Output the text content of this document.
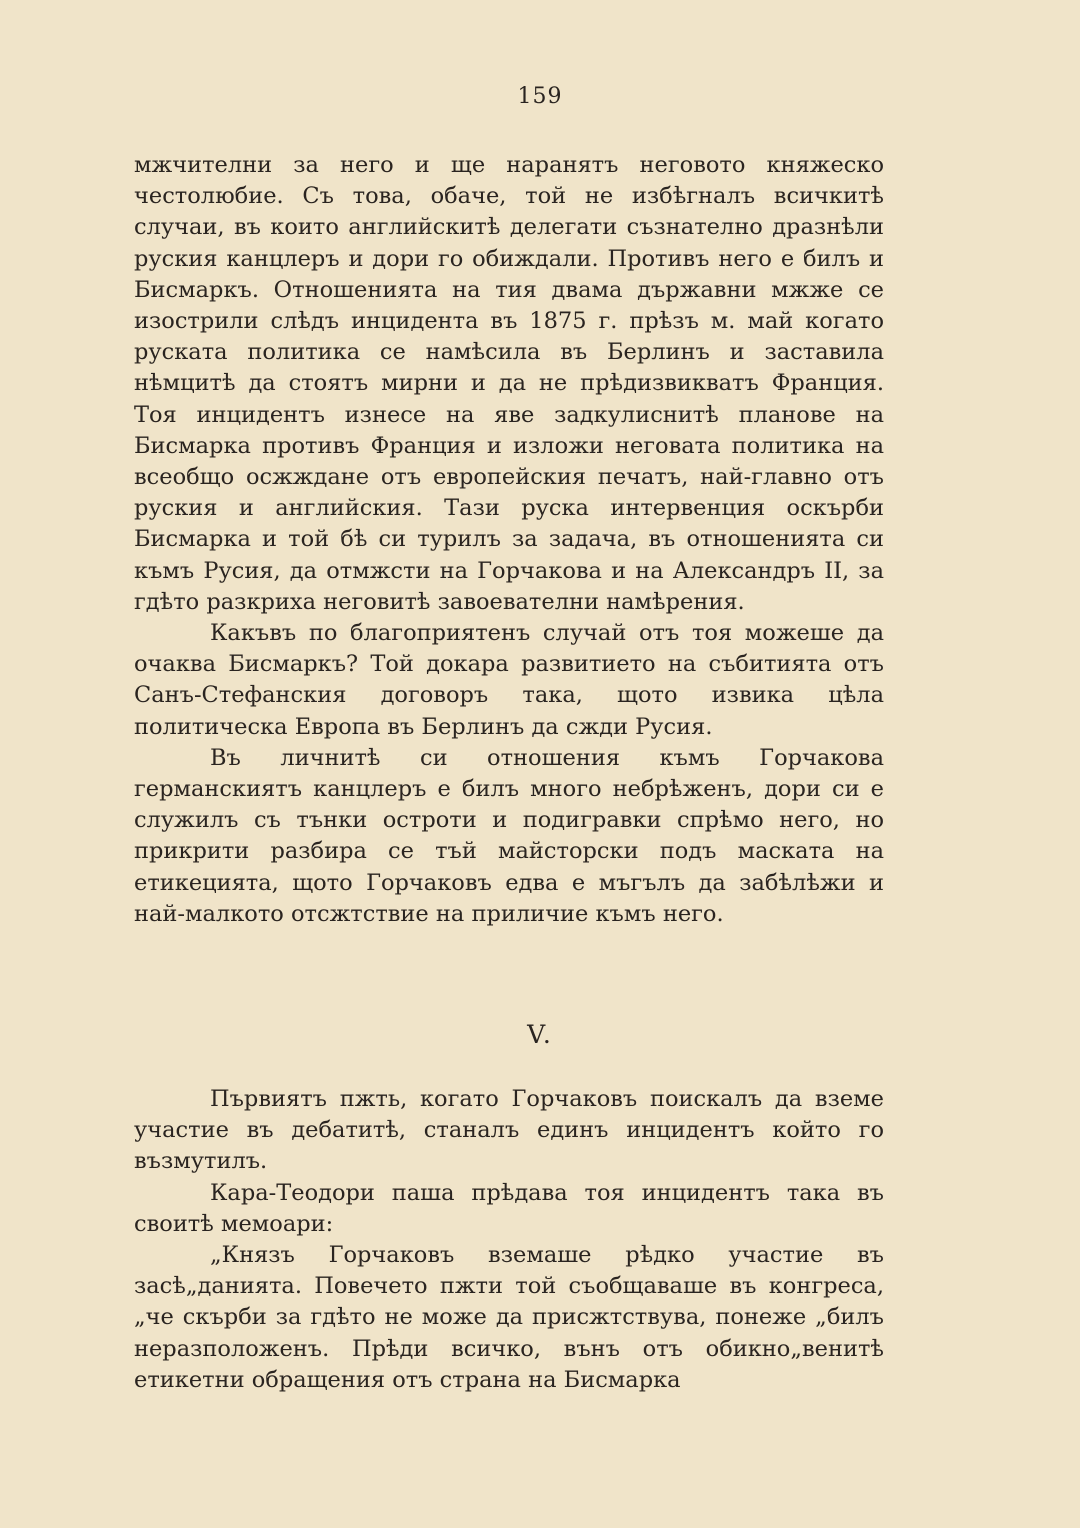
159

мжчителни за него и ще наранятъ неговото княжеско честолюбие. Съ това, обаче, той не избѣгналъ всичкитѣ случаи, въ които английскитѣ делегати съзнателно дразнѣли руския канцлеръ и дори го обиждали. Противъ него е билъ и Бисмаркъ. Отношенията на тия двама държавни мжже се изострили слѣдъ инцидента въ 1875 г. прѣзъ м. май когато руската политика се намѣсила въ Берлинъ и заставила нѣмцитѣ да стоятъ мирни и да не прѣдизвикватъ Франция. Тоя инцидентъ изнесе на яве задкулиснитѣ планове на Бисмарка противъ Франция и изложи неговата политика на всеобщо осжждане отъ европейския печатъ, най-главно отъ руския и английския. Тази руска интервенция оскърби Бисмарка и той бѣ си турилъ за задача, въ отношенията си къмъ Русия, да отмжсти на Горчакова и на Александръ II, за гдѣто разкриха неговитѣ завоевателни намѣрения.

Какъвъ по благоприятенъ случай отъ тоя можеше да очаква Бисмаркъ? Той докара развитието на събитията отъ Санъ-Стефанския договоръ така, щото извика цѣла политическа Европа въ Берлинъ да сжди Русия.

Въ личнитѣ си отношения къмъ Горчакова германскиятъ канцлеръ е билъ много небрѣженъ, дори си е служилъ съ тънки остроти и подигравки спрѣмо него, но прикрити разбира се тъй майсторски подъ маската на етикецията, щото Горчаковъ едва е мъгълъ да забѣлѣжи и най-малкото отсжтствие на приличие къмъ него.

V.

Първиятъ пжть, когато Горчаковъ поискалъ да вземе участие въ дебатитѣ, станалъ единъ инцидентъ който го възмутилъ.

Кара-Теодори паша прѣдава тоя инцидентъ така въ своитѣ мемоари:

„Князъ Горчаковъ вземаше рѣдко участие въ засѣ„данията. Повечето пжти той съобщаваше въ конгреса, „че скърби за гдѣто не може да присжтствува, понеже „билъ неразположенъ. Прѣди всичко, вънъ отъ обикно„венитѣ етикетни обращения отъ страна на Бисмарка
